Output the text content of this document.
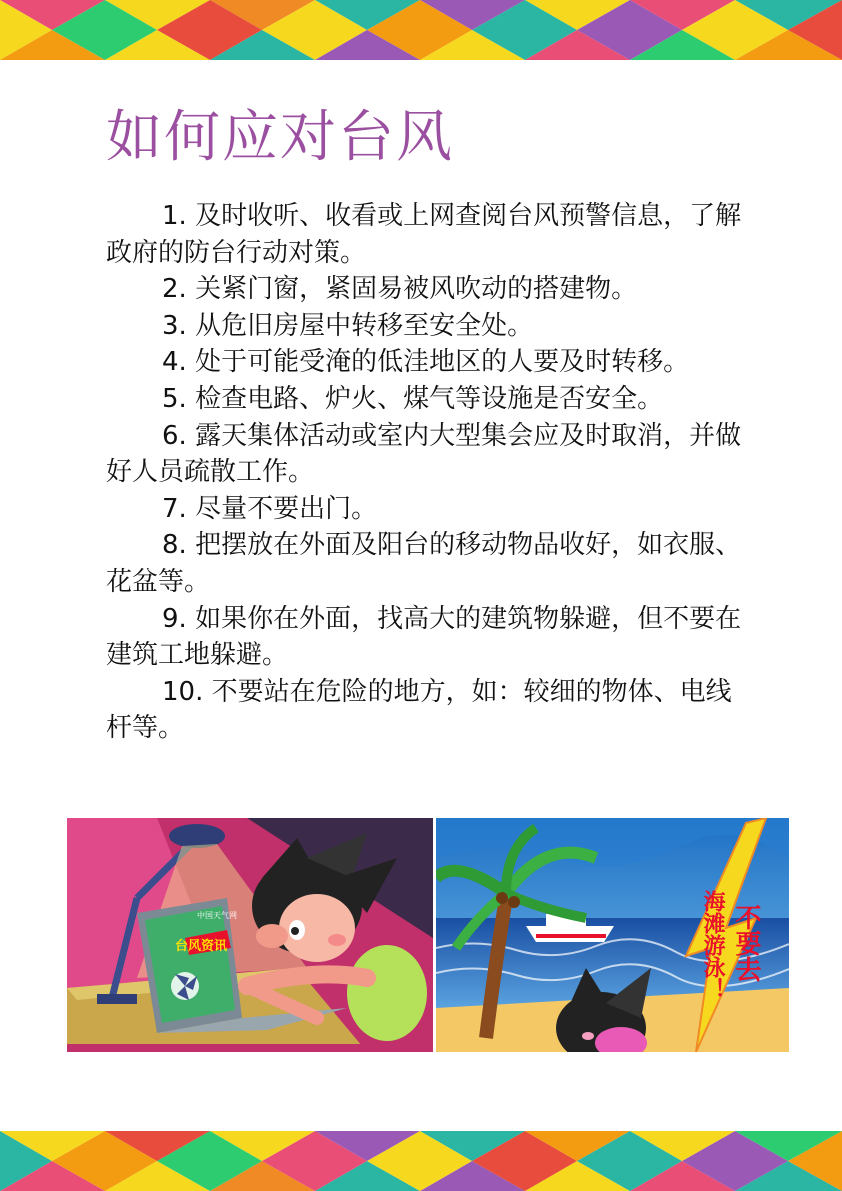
如何应对台风

1. 及时收听、收看或上网查阅台风预警信息，了解政府的防台行动对策。

2. 关紧门窗，紧固易被风吹动的搭建物。

3. 从危旧房屋中转移至安全处。

4. 处于可能受淹的低洼地区的人要及时转移。

5. 检查电路、炉火、煤气等设施是否安全。

6. 露天集体活动或室内大型集会应及时取消，并做好人员疏散工作。

7. 尽量不要出门。

8. 把摆放在外面及阳台的移动物品收好，如衣服、花盆等。

9. 如果你在外面，找高大的建筑物躲避，但不要在建筑工地躲避。

10. 不要站在危险的地方，如：较细的物体、电线杆等。

中国天气网
台风资讯	海滩游泳！ 不要去
